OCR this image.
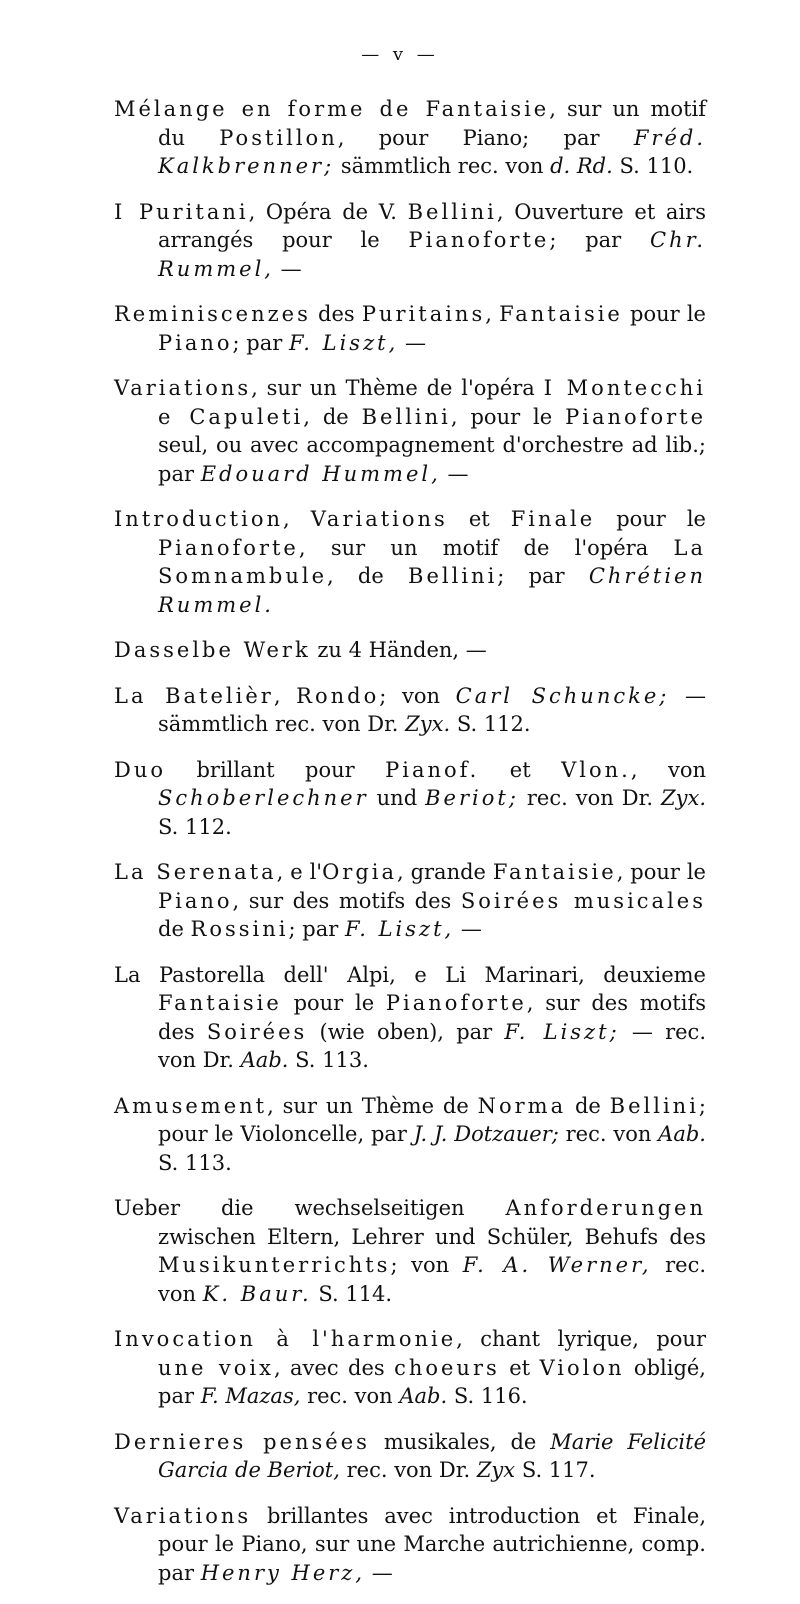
— v —

Mélange en forme de Fantaisie, sur un motif du Postillon, pour Piano; par Fréd. Kalkbrenner; sämmtlich rec. von d. Rd. S. 110.

I Puritani, Opéra de V. Bellini, Ouverture et airs arrangés pour le Pianoforte; par Chr. Rummel, —

Reminiscenzes des Puritains, Fantaisie pour le Piano; par F. Liszt, —

Variations, sur un Thème de l'opéra I Montecchi e Capuleti, de Bellini, pour le Pianoforte seul, ou avec accompagnement d'orchestre ad lib.; par Edouard Hummel, —

Introduction, Variations et Finale pour le Pianoforte, sur un motif de l'opéra La Somnambule, de Bellini; par Chrétien Rummel.

Dasselbe Werk zu 4 Händen, —

La Batelièr, Rondo; von Carl Schuncke; — sämmtlich rec. von Dr. Zyx. S. 112.

Duo brillant pour Pianof. et Vlon., von Schoberlechner und Beriot; rec. von Dr. Zyx. S. 112.

La Serenata, e l'Orgia, grande Fantaisie, pour le Piano, sur des motifs des Soirées musicales de Rossini; par F. Liszt, —

La Pastorella dell' Alpi, e Li Marinari, deuxieme Fantaisie pour le Pianoforte, sur des motifs des Soirées (wie oben), par F. Liszt; — rec. von Dr. Aab. S. 113.

Amusement, sur un Thème de Norma de Bellini; pour le Violoncelle, par J. J. Dotzauer; rec. von Aab. S. 113.

Ueber die wechselseitigen Anforderungen zwischen Eltern, Lehrer und Schüler, Behufs des Musikunterrichts; von F. A. Werner, rec. von K. Baur. S. 114.

Invocation à l'harmonie, chant lyrique, pour une voix, avec des choeurs et Violon obligé, par F. Mazas, rec. von Aab. S. 116.

Dernieres pensées musikales, de Marie Felicité Garcia de Beriot, rec. von Dr. Zyx S. 117.

Variations brillantes avec introduction et Finale, pour le Piano, sur une Marche autrichienne, comp. par Henry Herz, —
